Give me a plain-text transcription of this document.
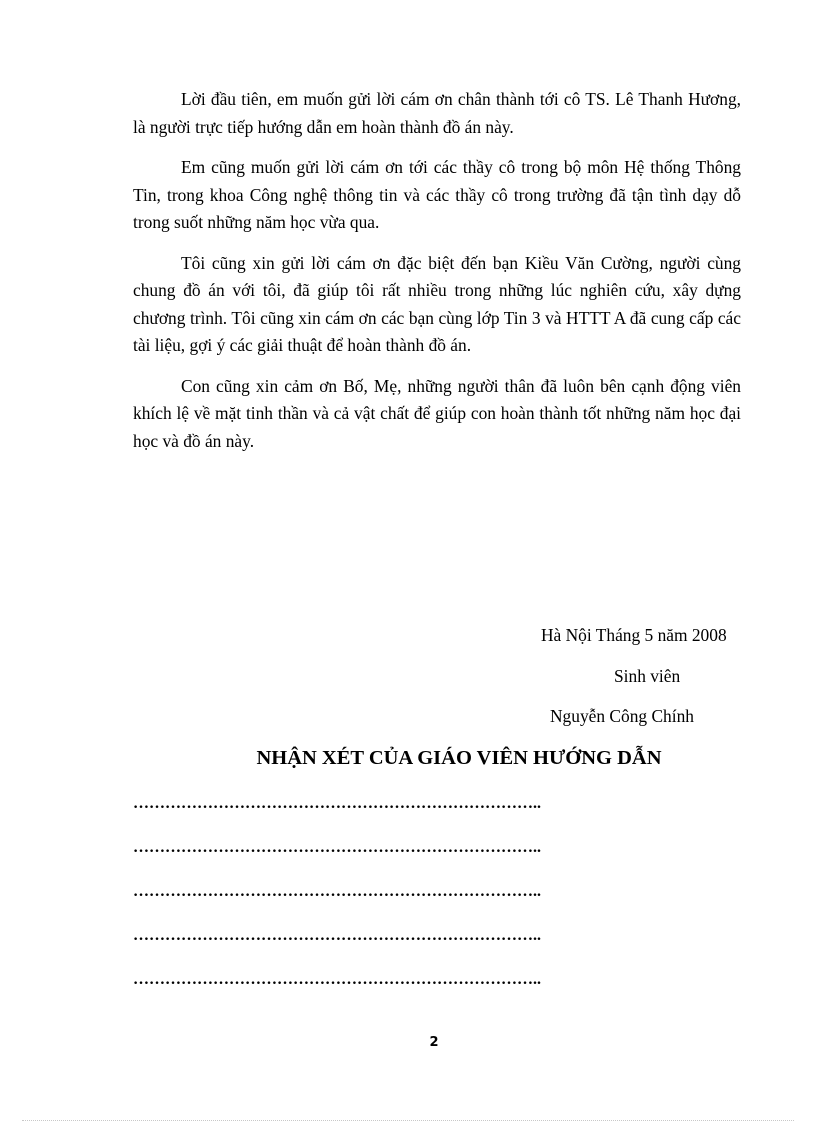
Lời đầu tiên, em muốn gửi lời cám ơn chân thành tới cô TS. Lê Thanh Hương, là người trực tiếp hướng dẫn em hoàn thành đồ án này.

Em cũng muốn gửi lời cám ơn tới các thầy cô trong bộ môn Hệ thống Thông Tin, trong khoa Công nghệ thông tin và các thầy cô trong trường đã tận tình dạy dỗ trong suốt những năm học vừa qua.

Tôi cũng xin gửi lời cám ơn đặc biệt đến bạn Kiều Văn Cường, người cùng chung đồ án với tôi, đã giúp tôi rất nhiều trong những lúc nghiên cứu, xây dựng chương trình. Tôi cũng xin cám ơn các bạn cùng lớp Tin 3 và HTTT A đã cung cấp các tài liệu, gợi ý các giải thuật để hoàn thành đồ án.

Con cũng xin cảm ơn Bố, Mẹ, những người thân đã luôn bên cạnh động viên khích lệ về mặt tinh thần và cả vật chất để giúp con hoàn thành tốt những năm học đại học và đồ án này.

Hà Nội Tháng 5 năm 2008
Sinh viên
Nguyễn Công Chính
NHẬN XÉT CỦA GIÁO VIÊN HƯỚNG DẪN
…………………………………………………………………..
…………………………………………………………………..
…………………………………………………………………..
…………………………………………………………………..
…………………………………………………………………..
2
